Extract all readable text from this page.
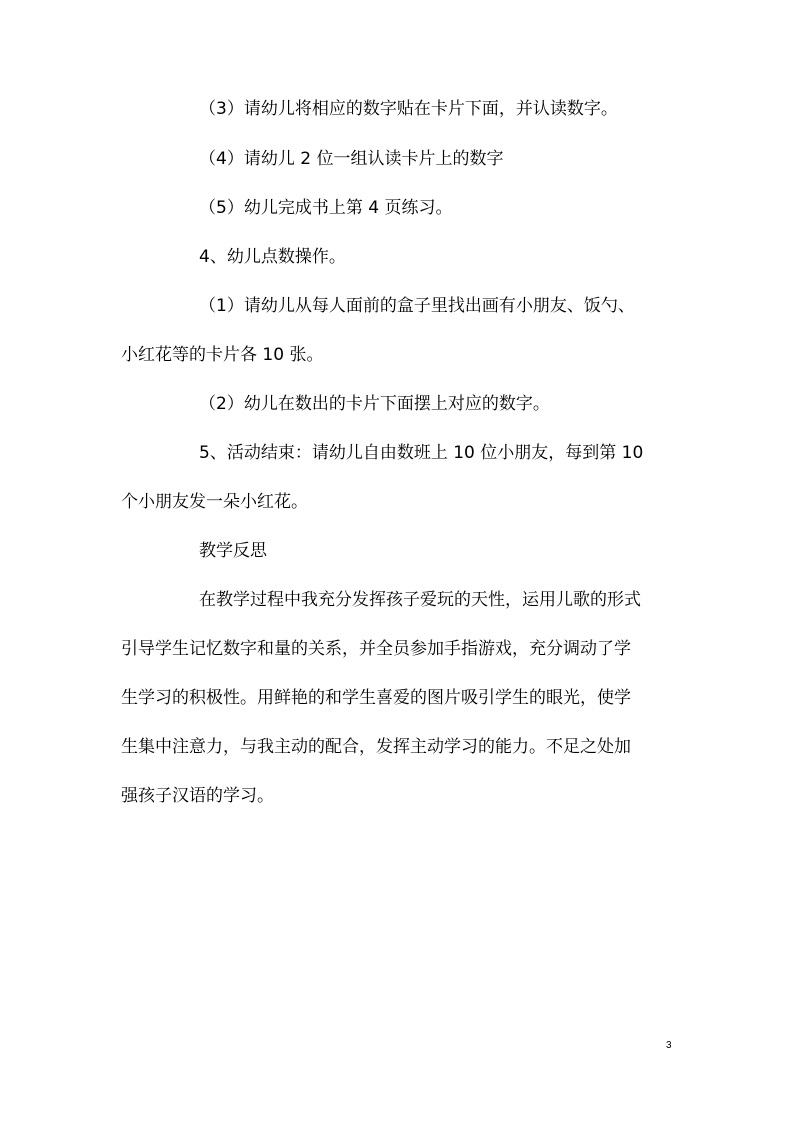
（3）请幼儿将相应的数字贴在卡片下面，并认读数字。
（4）请幼儿 2 位一组认读卡片上的数字
（5）幼儿完成书上第 4 页练习。
4、幼儿点数操作。
（1）请幼儿从每人面前的盒子里找出画有小朋友、饭勺、
小红花等的卡片各 10 张。
（2）幼儿在数出的卡片下面摆上对应的数字。
5、活动结束：请幼儿自由数班上 10 位小朋友，每到第 10
个小朋友发一朵小红花。
教学反思
在教学过程中我充分发挥孩子爱玩的天性，运用儿歌的形式
引导学生记忆数字和量的关系，并全员参加手指游戏，充分调动了学
生学习的积极性。用鲜艳的和学生喜爱的图片吸引学生的眼光，使学
生集中注意力，与我主动的配合，发挥主动学习的能力。不足之处加
强孩子汉语的学习。
3
